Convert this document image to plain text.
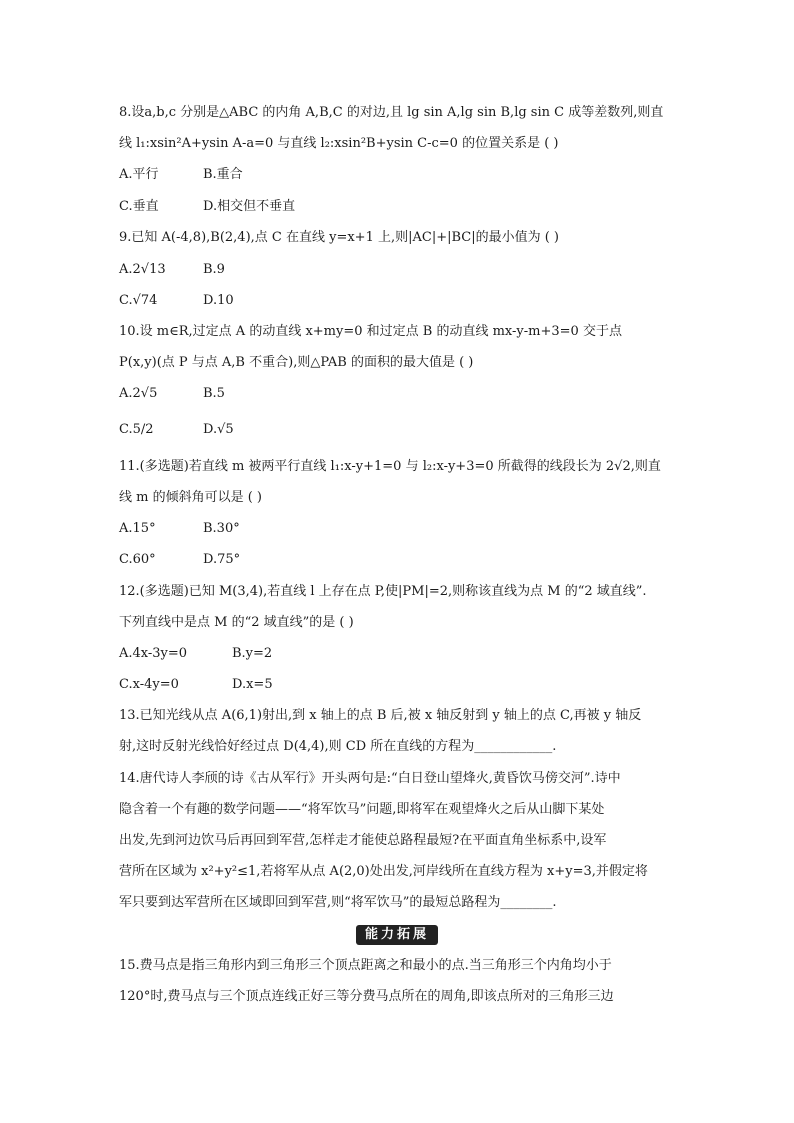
8.设a,b,c 分别是△ABC 的内角 A,B,C 的对边,且 lg sin A,lg sin B,lg sin C 成等差数列,则直
线 l₁:xsin²A+ysin A-a=0 与直线 l₂:xsin²B+ysin C-c=0 的位置关系是 ( )
A.平行	B.重合
C.垂直	D.相交但不垂直
9.已知 A(-4,8),B(2,4),点 C 在直线 y=x+1 上,则|AC|+|BC|的最小值为 ( )
A.2√13	B.9
C.√74	D.10
10.设 m∈R,过定点 A 的动直线 x+my=0 和过定点 B 的动直线 mx-y-m+3=0 交于点
P(x,y)(点 P 与点 A,B 不重合),则△PAB 的面积的最大值是 ( )
A.2√5	B.5
C.5/2	D.√5
11.(多选题)若直线 m 被两平行直线 l₁:x-y+1=0 与 l₂:x-y+3=0 所截得的线段长为 2√2,则直
线 m 的倾斜角可以是 ( )
A.15°	B.30°
C.60°	D.75°
12.(多选题)已知 M(3,4),若直线 l 上存在点 P,使|PM|=2,则称该直线为点 M 的“2 域直线”.
下列直线中是点 M 的“2 域直线”的是 ( )
A.4x-3y=0	B.y=2
C.x-4y=0	D.x=5
13.已知光线从点 A(6,1)射出,到 x 轴上的点 B 后,被 x 轴反射到 y 轴上的点 C,再被 y 轴反
射,这时反射光线恰好经过点 D(4,4),则 CD 所在直线的方程为____________.
14.唐代诗人李颀的诗《古从军行》开头两句是:“白日登山望烽火,黄昏饮马傍交河”.诗中
隐含着一个有趣的数学问题——“将军饮马”问题,即将军在观望烽火之后从山脚下某处
出发,先到河边饮马后再回到军营,怎样走才能使总路程最短?在平面直角坐标系中,设军
营所在区域为 x²+y²≤1,若将军从点 A(2,0)处出发,河岸线所在直线方程为 x+y=3,并假定将
军只要到达军营所在区域即回到军营,则“将军饮马”的最短总路程为________.
能力拓展
15.费马点是指三角形内到三角形三个顶点距离之和最小的点.当三角形三个内角均小于
120°时,费马点与三个顶点连线正好三等分费马点所在的周角,即该点所对的三角形三边
